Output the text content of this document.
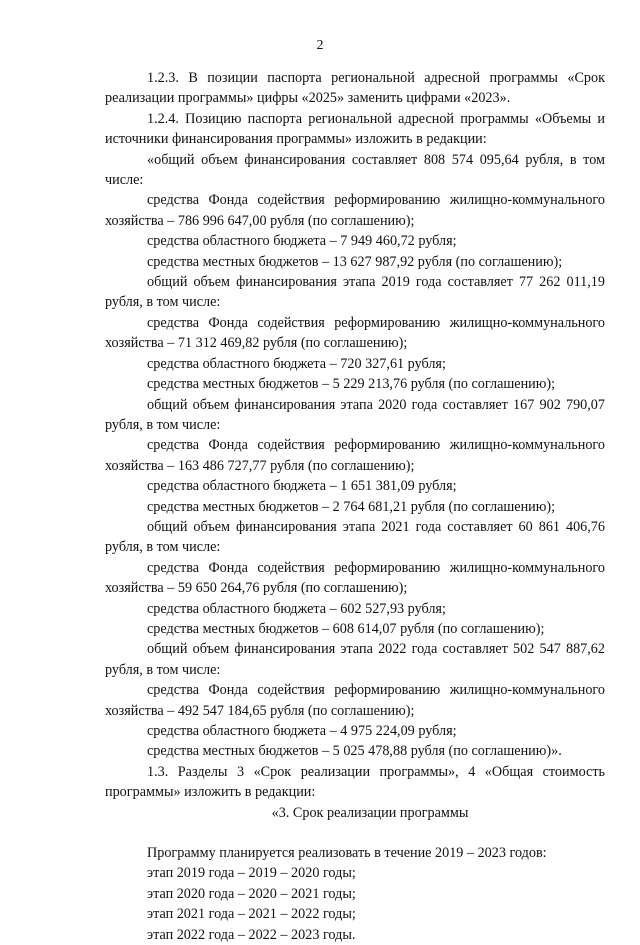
2

1.2.3. В позиции паспорта региональной адресной программы «Срок реализации программы» цифры «2025» заменить цифрами «2023».

1.2.4. Позицию паспорта региональной адресной программы «Объемы и источники финансирования программы» изложить в редакции:

«общий объем финансирования составляет 808 574 095,64 рубля, в том числе:

средства Фонда содействия реформированию жилищно-коммунального хозяйства – 786 996 647,00 рубля (по соглашению);

средства областного бюджета – 7 949 460,72 рубля;

средства местных бюджетов – 13 627 987,92 рубля (по соглашению);

общий объем финансирования этапа 2019 года составляет 77 262 011,19 рубля, в том числе:

средства Фонда содействия реформированию жилищно-коммунального хозяйства – 71 312 469,82 рубля (по соглашению);

средства областного бюджета – 720 327,61 рубля;

средства местных бюджетов – 5 229 213,76 рубля (по соглашению);

общий объем финансирования этапа 2020 года составляет 167 902 790,07 рубля, в том числе:

средства Фонда содействия реформированию жилищно-коммунального хозяйства – 163 486 727,77 рубля (по соглашению);

средства областного бюджета – 1 651 381,09 рубля;

средства местных бюджетов – 2 764 681,21 рубля (по соглашению);

общий объем финансирования этапа 2021 года составляет 60 861 406,76 рубля, в том числе:

средства Фонда содействия реформированию жилищно-коммунального хозяйства – 59 650 264,76 рубля (по соглашению);

средства областного бюджета – 602 527,93 рубля;

средства местных бюджетов – 608 614,07 рубля (по соглашению);

общий объем финансирования этапа 2022 года составляет 502 547 887,62 рубля, в том числе:

средства Фонда содействия реформированию жилищно-коммунального хозяйства – 492 547 184,65 рубля (по соглашению);

средства областного бюджета – 4 975 224,09 рубля;

средства местных бюджетов – 5 025 478,88 рубля (по соглашению)».

1.3. Разделы 3 «Срок реализации программы», 4 «Общая стоимость программы» изложить в редакции:

«3. Срок реализации программы

Программу планируется реализовать в течение 2019 – 2023 годов:

этап 2019 года – 2019 – 2020 годы;

этап 2020 года – 2020 – 2021 годы;

этап 2021 года – 2021 – 2022 годы;

этап 2022 года – 2022 – 2023 годы.
